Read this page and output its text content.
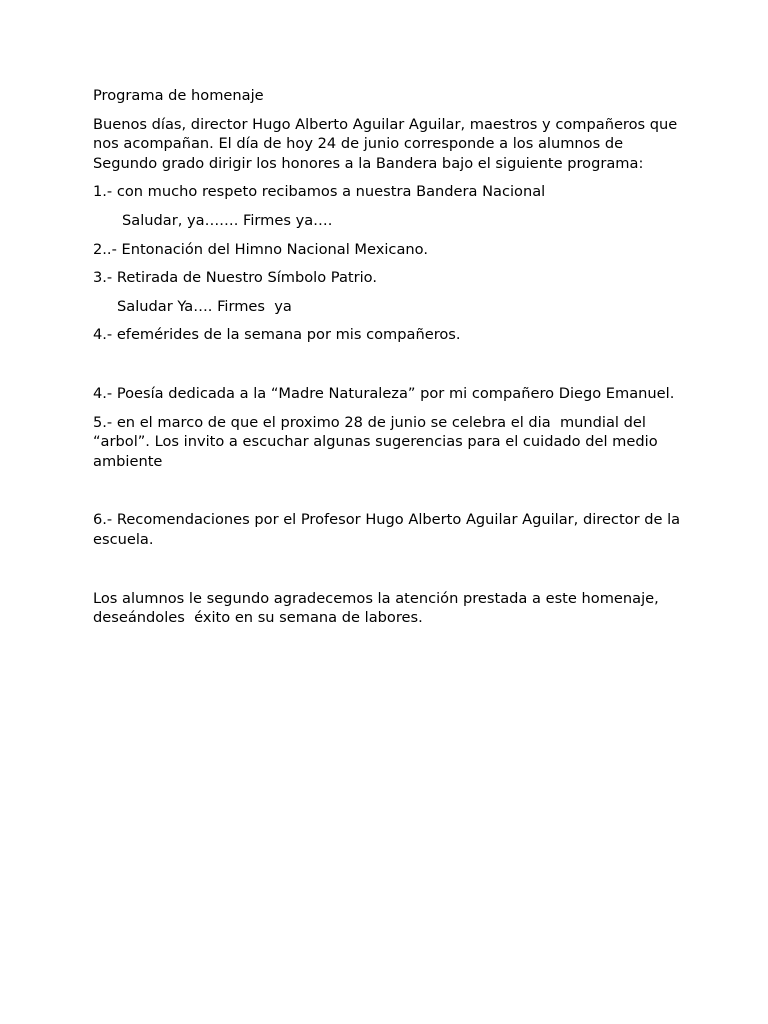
Programa de homenaje

Buenos días, director Hugo Alberto Aguilar Aguilar, maestros y compañeros que  nos acompañan. El día de hoy 24 de junio corresponde a los alumnos de Segundo grado dirigir los honores a la Bandera bajo el siguiente programa:

1.- con mucho respeto recibamos a nuestra Bandera Nacional

Saludar, ya……. Firmes ya….

2..- Entonación del Himno Nacional Mexicano.

3.- Retirada de Nuestro Símbolo Patrio.

Saludar Ya…. Firmes  ya

4.- efemérides de la semana por mis compañeros.

4.- Poesía dedicada a la “Madre Naturaleza” por mi compañero Diego Emanuel.

5.- en el marco de que el proximo 28 de junio se celebra el dia  mundial del “arbol”. Los invito a escuchar algunas sugerencias para el cuidado del medio ambiente

6.- Recomendaciones por el Profesor Hugo Alberto Aguilar Aguilar, director de la escuela.

Los alumnos le segundo agradecemos la atención prestada a este homenaje, deseándoles  éxito en su semana de labores.
